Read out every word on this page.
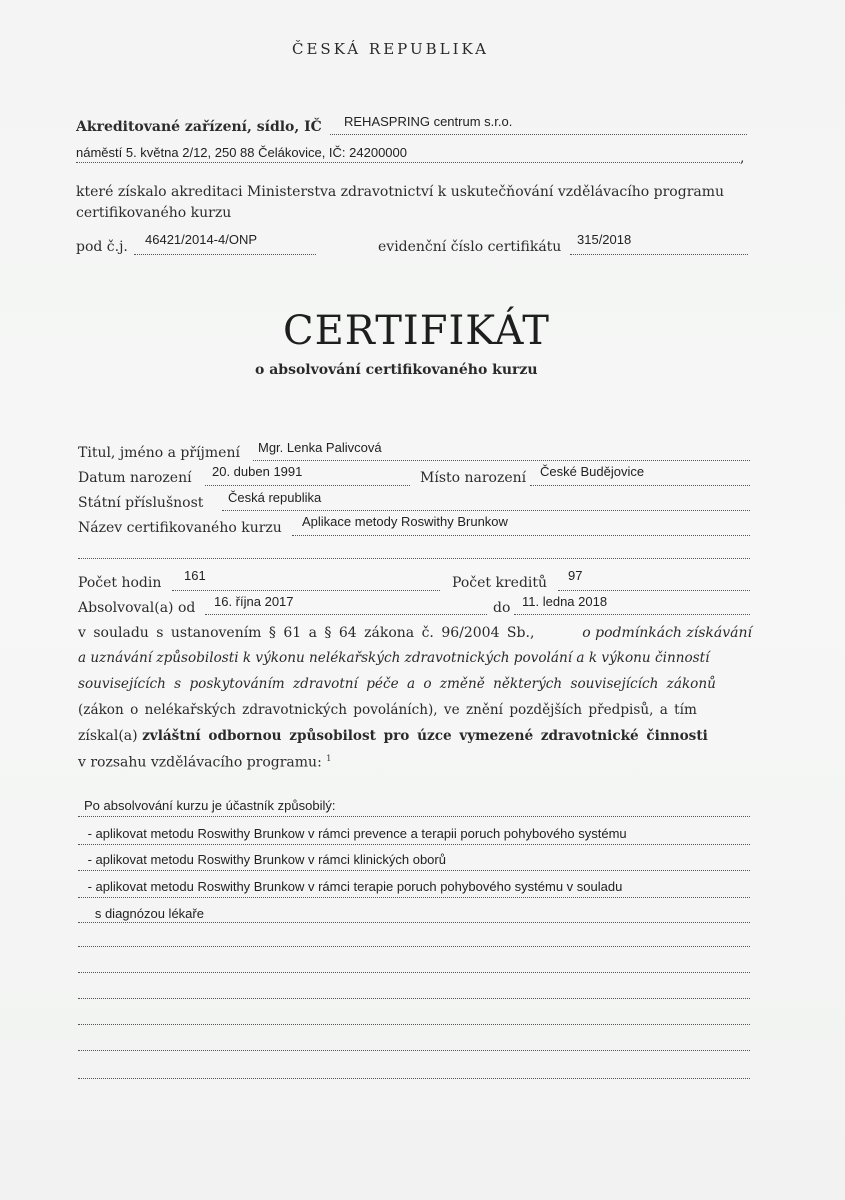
ČESKÁ REPUBLIKA
Akreditované zařízení, sídlo, IČ REHASPRING centrum s.r.o.
náměstí 5. května 2/12, 250 88 Čelákovice, IČ: 24200000	,
které získalo akreditaci Ministerstva zdravotnictví k uskutečňování vzdělávacího programu
certifikovaného kurzu
pod č.j. 46421/2014-4/ONP	evidenční číslo certifikátu 315/2018
CERTIFIKÁT
o absolvování certifikovaného kurzu
Titul, jméno a příjmení Mgr. Lenka Palivcová
Datum narození 20. duben 1991	Místo narození České Budějovice
Státní příslušnost Česká republika
Název certifikovaného kurzu Aplikace metody Roswithy Brunkow
Počet hodin 161	Počet kreditů 97
Absolvoval(a) od 16. října 2017	do 11. ledna 2018
v souladu s ustanovením § 61 a § 64 zákona č. 96/2004 Sb.,	o podmínkách získávání
a uznávání způsobilosti k výkonu nelékařských zdravotnických povolání a k výkonu činností
souvisejících s poskytováním zdravotní péče a o změně některých souvisejících zákonů
(zákon o nelékařských zdravotnických povoláních), ve znění pozdějších předpisů, a tím
získal(a) zvláštní odbornou způsobilost pro úzce vymezené zdravotnické činnosti
v rozsahu vzdělávacího programu: $^1$
Po absolvování kurzu je účastník způsobilý:
- aplikovat metodu Roswithy Brunkow v rámci prevence a terapii poruch pohybového systému
- aplikovat metodu Roswithy Brunkow v rámci klinických oborů
- aplikovat metodu Roswithy Brunkow v rámci terapie poruch pohybového systému v souladu
s diagnózou lékaře
